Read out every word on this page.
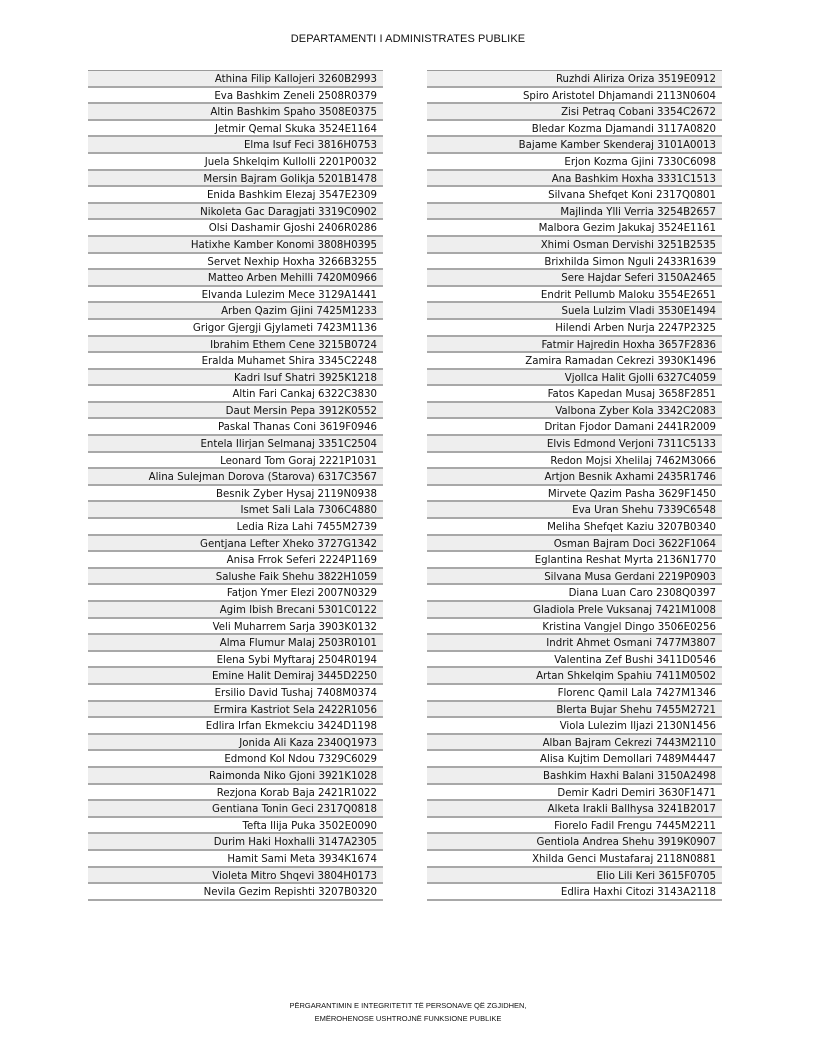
DEPARTAMENTI I ADMINISTRATES PUBLIKE
Athina Filip Kallojeri 3260B2993
Eva Bashkim Zeneli 2508R0379
Altin Bashkim Spaho 3508E0375
Jetmir Qemal Skuka 3524E1164
Elma Isuf Feci 3816H0753
Juela Shkelqim Kullolli 2201P0032
Mersin Bajram Golikja 5201B1478
Enida Bashkim Elezaj 3547E2309
Nikoleta Gac Daragjati 3319C0902
Olsi Dashamir Gjoshi 2406R0286
Hatixhe Kamber Konomi 3808H0395
Servet Nexhip Hoxha 3266B3255
Matteo Arben Mehilli 7420M0966
Elvanda Lulezim Mece 3129A1441
Arben Qazim Gjini 7425M1233
Grigor Gjergji Gjylameti 7423M1136
Ibrahim Ethem Cene 3215B0724
Eralda Muhamet Shira 3345C2248
Kadri Isuf Shatri 3925K1218
Altin Fari Cankaj 6322C3830
Daut Mersin Pepa 3912K0552
Paskal Thanas Coni 3619F0946
Entela Ilirjan Selmanaj 3351C2504
Leonard Tom Goraj 2221P1031
Alina Sulejman Dorova (Starova) 6317C3567
Besnik Zyber Hysaj 2119N0938
Ismet Sali Lala 7306C4880
Ledia Riza Lahi 7455M2739
Gentjana Lefter Xheko 3727G1342
Anisa Frrok Seferi 2224P1169
Salushe Faik Shehu 3822H1059
Fatjon Ymer Elezi 2007N0329
Agim Ibish Brecani 5301C0122
Veli Muharrem Sarja 3903K0132
Alma Flumur Malaj 2503R0101
Elena Sybi Myftaraj 2504R0194
Emine Halit Demiraj 3445D2250
Ersilio David Tushaj 7408M0374
Ermira Kastriot Sela 2422R1056
Edlira Irfan Ekmekciu 3424D1198
Jonida Ali Kaza 2340Q1973
Edmond Kol Ndou 7329C6029
Raimonda Niko Gjoni 3921K1028
Rezjona Korab Baja 2421R1022
Gentiana Tonin Geci 2317Q0818
Tefta Ilija Puka 3502E0090
Durim Haki Hoxhalli 3147A2305
Hamit Sami Meta 3934K1674
Violeta Mitro Shqevi 3804H0173
Nevila Gezim Repishti 3207B0320
Ruzhdi Aliriza Oriza 3519E0912
Spiro Aristotel Dhjamandi 2113N0604
Zisi Petraq Cobani 3354C2672
Bledar Kozma Djamandi 3117A0820
Bajame Kamber Skenderaj 3101A0013
Erjon Kozma Gjini 7330C6098
Ana Bashkim Hoxha 3331C1513
Silvana Shefqet Koni 2317Q0801
Majlinda Ylli Verria 3254B2657
Malbora Gezim Jakukaj 3524E1161
Xhimi Osman Dervishi 3251B2535
Brixhilda Simon Nguli 2433R1639
Sere Hajdar Seferi 3150A2465
Endrit Pellumb Maloku 3554E2651
Suela Lulzim Vladi 3530E1494
Hilendi Arben Nurja 2247P2325
Fatmir Hajredin Hoxha 3657F2836
Zamira Ramadan Cekrezi 3930K1496
Vjollca Halit Gjolli 6327C4059
Fatos Kapedan Musaj 3658F2851
Valbona Zyber Kola 3342C2083
Dritan Fjodor Damani 2441R2009
Elvis Edmond Verjoni 7311C5133
Redon Mojsi Xhelilaj 7462M3066
Artjon Besnik Axhami 2435R1746
Mirvete Qazim Pasha 3629F1450
Eva Uran Shehu 7339C6548
Meliha Shefqet Kaziu 3207B0340
Osman Bajram Doci 3622F1064
Eglantina Reshat Myrta 2136N1770
Silvana Musa Gerdani 2219P0903
Diana Luan Caro 2308Q0397
Gladiola Prele Vuksanaj 7421M1008
Kristina Vangjel Dingo 3506E0256
Indrit Ahmet Osmani 7477M3807
Valentina Zef Bushi 3411D0546
Artan Shkelqim Spahiu 7411M0502
Florenc Qamil Lala 7427M1346
Blerta Bujar Shehu 7455M2721
Viola Lulezim Iljazi 2130N1456
Alban Bajram Cekrezi 7443M2110
Alisa Kujtim Demollari 7489M4447
Bashkim Haxhi Balani 3150A2498
Demir Kadri Demiri 3630F1471
Alketa Irakli Ballhysa 3241B2017
Fiorelo Fadil Frengu 7445M2211
Gentiola Andrea Shehu 3919K0907
Xhilda Genci Mustafaraj 2118N0881
Elio Lili Keri 3615F0705
Edlira Haxhi Citozi 3143A2118
PËRGARANTIMIN E INTEGRITETIT TË PERSONAVE QË ZGJIDHEN,
EMËROHENOSE USHTROJNË FUNKSIONE PUBLIKE
